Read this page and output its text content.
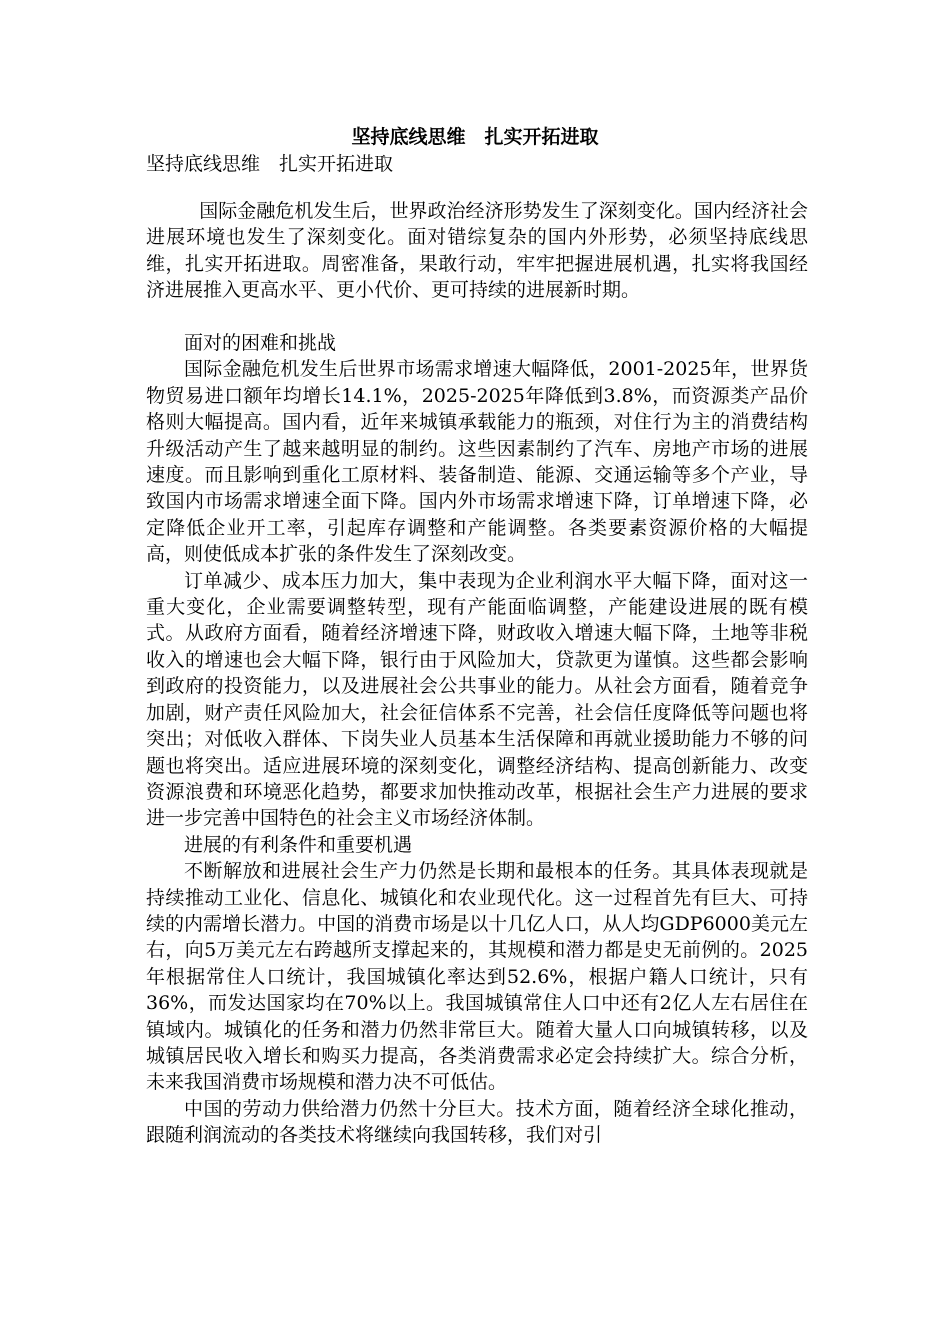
坚持底线思维　扎实开拓进取
坚持底线思维　扎实开拓进取

国际金融危机发生后，世界政治经济形势发生了深刻变化。国内经济社会进展环境也发生了深刻变化。面对错综复杂的国内外形势，必须坚持底线思维，扎实开拓进取。周密准备，果敢行动，牢牢把握进展机遇，扎实将我国经济进展推入更高水平、更小代价、更可持续的进展新时期。

面对的困难和挑战

国际金融危机发生后世界市场需求增速大幅降低，2001-2025年，世界货物贸易进口额年均增长14.1%，2025-2025年降低到3.8%，而资源类产品价格则大幅提高。国内看，近年来城镇承载能力的瓶颈，对住行为主的消费结构升级活动产生了越来越明显的制约。这些因素制约了汽车、房地产市场的进展速度。而且影响到重化工原材料、装备制造、能源、交通运输等多个产业，导致国内市场需求增速全面下降。国内外市场需求增速下降，订单增速下降，必定降低企业开工率，引起库存调整和产能调整。各类要素资源价格的大幅提高，则使低成本扩张的条件发生了深刻改变。

订单减少、成本压力加大，集中表现为企业利润水平大幅下降，面对这一重大变化，企业需要调整转型，现有产能面临调整，产能建设进展的既有模式。从政府方面看，随着经济增速下降，财政收入增速大幅下降，土地等非税收入的增速也会大幅下降，银行由于风险加大，贷款更为谨慎。这些都会影响到政府的投资能力，以及进展社会公共事业的能力。从社会方面看，随着竞争加剧，财产责任风险加大，社会征信体系不完善，社会信任度降低等问题也将突出；对低收入群体、下岗失业人员基本生活保障和再就业援助能力不够的问题也将突出。适应进展环境的深刻变化，调整经济结构、提高创新能力、改变资源浪费和环境恶化趋势，都要求加快推动改革，根据社会生产力进展的要求进一步完善中国特色的社会主义市场经济体制。

进展的有利条件和重要机遇

不断解放和进展社会生产力仍然是长期和最根本的任务。其具体表现就是持续推动工业化、信息化、城镇化和农业现代化。这一过程首先有巨大、可持续的内需增长潜力。中国的消费市场是以十几亿人口，从人均GDP6000美元左右，向5万美元左右跨越所支撑起来的，其规模和潜力都是史无前例的。2025年根据常住人口统计，我国城镇化率达到52.6%，根据户籍人口统计，只有36%，而发达国家均在70%以上。我国城镇常住人口中还有2亿人左右居住在镇域内。城镇化的任务和潜力仍然非常巨大。随着大量人口向城镇转移，以及城镇居民收入增长和购买力提高，各类消费需求必定会持续扩大。综合分析，未来我国消费市场规模和潜力决不可低估。

中国的劳动力供给潜力仍然十分巨大。技术方面，随着经济全球化推动，跟随利润流动的各类技术将继续向我国转移，我们对引
